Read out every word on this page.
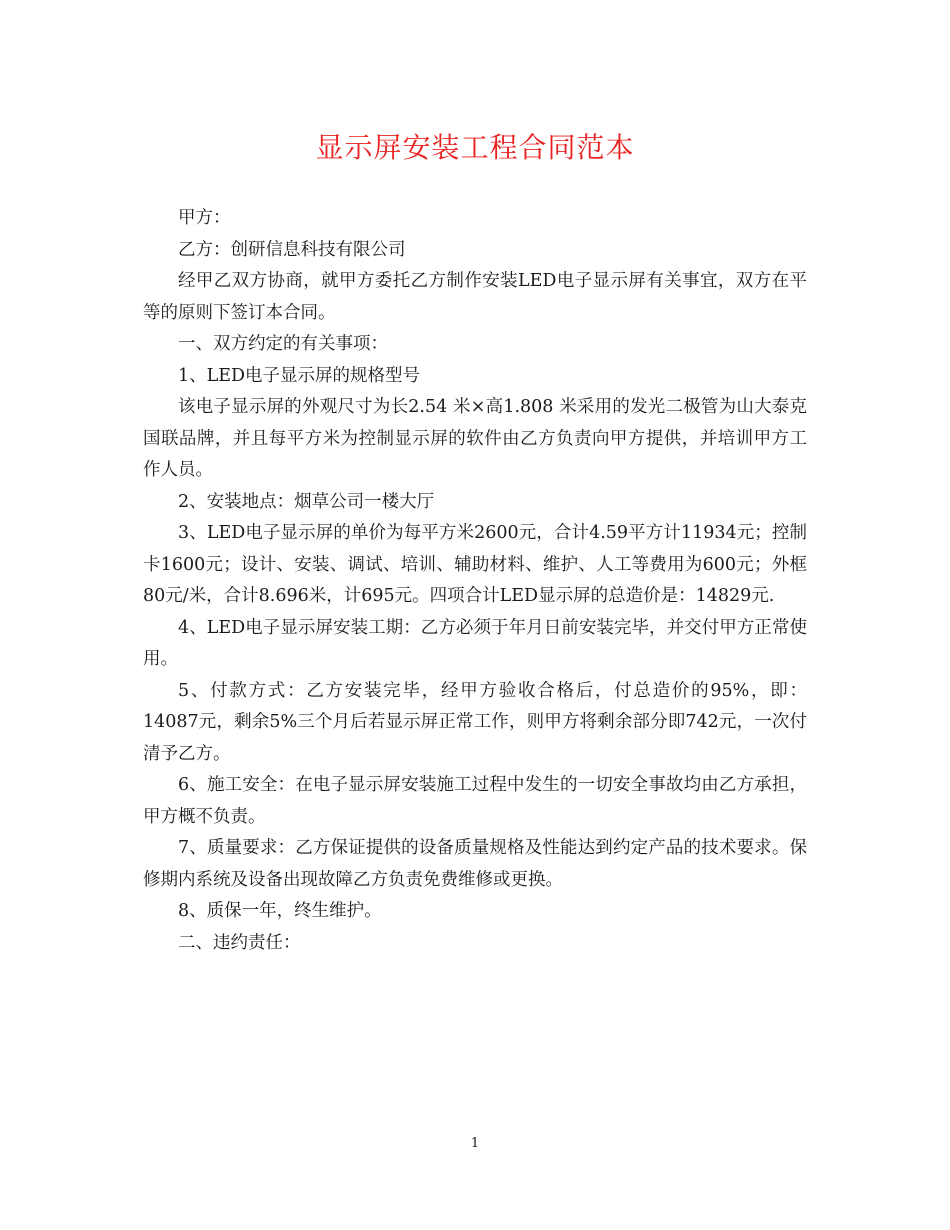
显示屏安装工程合同范本

甲方：

乙方：创研信息科技有限公司

经甲乙双方协商，就甲方委托乙方制作安装LED电子显示屏有关事宜，双方在平等的原则下签订本合同。

一、双方约定的有关事项：

1、LED电子显示屏的规格型号

该电子显示屏的外观尺寸为长2.54 米×高1.808 米采用的发光二极管为山大泰克国联品牌，并且每平方米为控制显示屏的软件由乙方负责向甲方提供，并培训甲方工作人员。

2、安装地点：烟草公司一楼大厅

3、LED电子显示屏的单价为每平方米2600元，合计4.59平方计11934元；控制卡1600元；设计、安装、调试、培训、辅助材料、维护、人工等费用为600元；外框80元/米，合计8.696米，计695元。四项合计LED显示屏的总造价是：14829元.

4、LED电子显示屏安装工期：乙方必须于年月日前安装完毕，并交付甲方正常使用。

5、付款方式：乙方安装完毕，经甲方验收合格后，付总造价的95%，即：14087元，剩余5%三个月后若显示屏正常工作，则甲方将剩余部分即742元，一次付清予乙方。

6、施工安全：在电子显示屏安装施工过程中发生的一切安全事故均由乙方承担，甲方概不负责。

7、质量要求：乙方保证提供的设备质量规格及性能达到约定产品的技术要求。保修期内系统及设备出现故障乙方负责免费维修或更换。

8、质保一年，终生维护。

二、违约责任：

1
